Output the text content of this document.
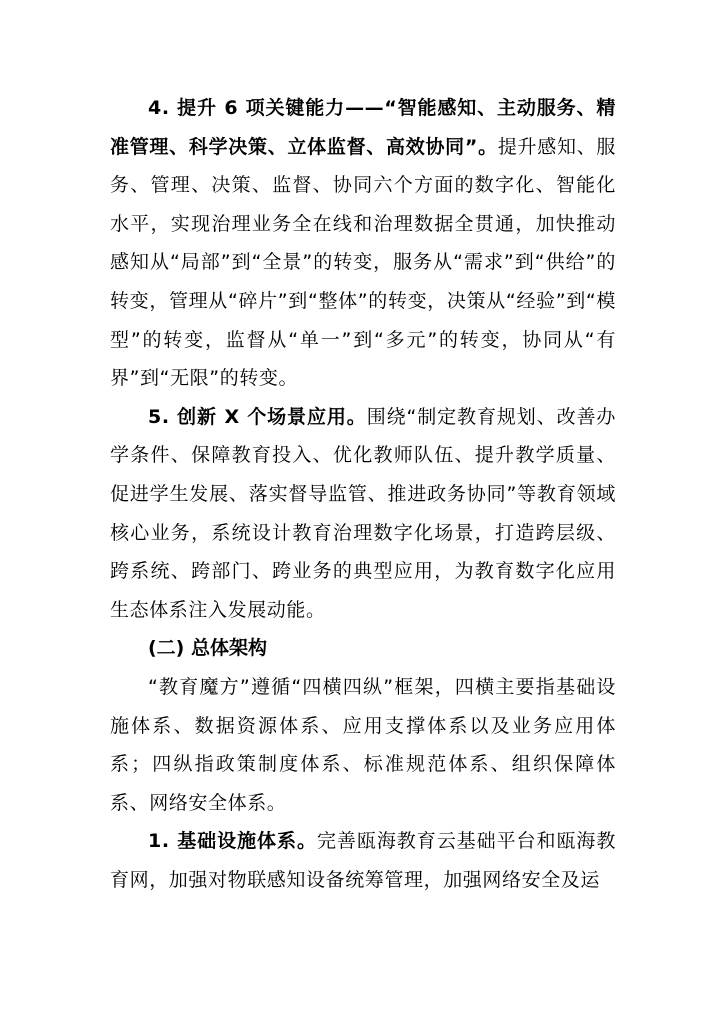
4. 提升 6 项关键能力——“智能感知、主动服务、精准管理、科学决策、立体监督、高效协同”。提升感知、服务、管理、决策、监督、协同六个方面的数字化、智能化水平，实现治理业务全在线和治理数据全贯通，加快推动感知从“局部”到“全景”的转变，服务从“需求”到“供给”的转变，管理从“碎片”到“整体”的转变，决策从“经验”到“模型”的转变，监督从“单一”到“多元”的转变，协同从“有界”到“无限”的转变。

5. 创新 X 个场景应用。围绕“制定教育规划、改善办学条件、保障教育投入、优化教师队伍、提升教学质量、促进学生发展、落实督导监管、推进政务协同”等教育领域核心业务，系统设计教育治理数字化场景，打造跨层级、跨系统、跨部门、跨业务的典型应用，为教育数字化应用生态体系注入发展动能。

(二) 总体架构

“教育魔方”遵循“四横四纵”框架，四横主要指基础设施体系、数据资源体系、应用支撑体系以及业务应用体系；四纵指政策制度体系、标准规范体系、组织保障体系、网络安全体系。

1. 基础设施体系。完善瓯海教育云基础平台和瓯海教育网，加强对物联感知设备统筹管理，加强网络安全及运
